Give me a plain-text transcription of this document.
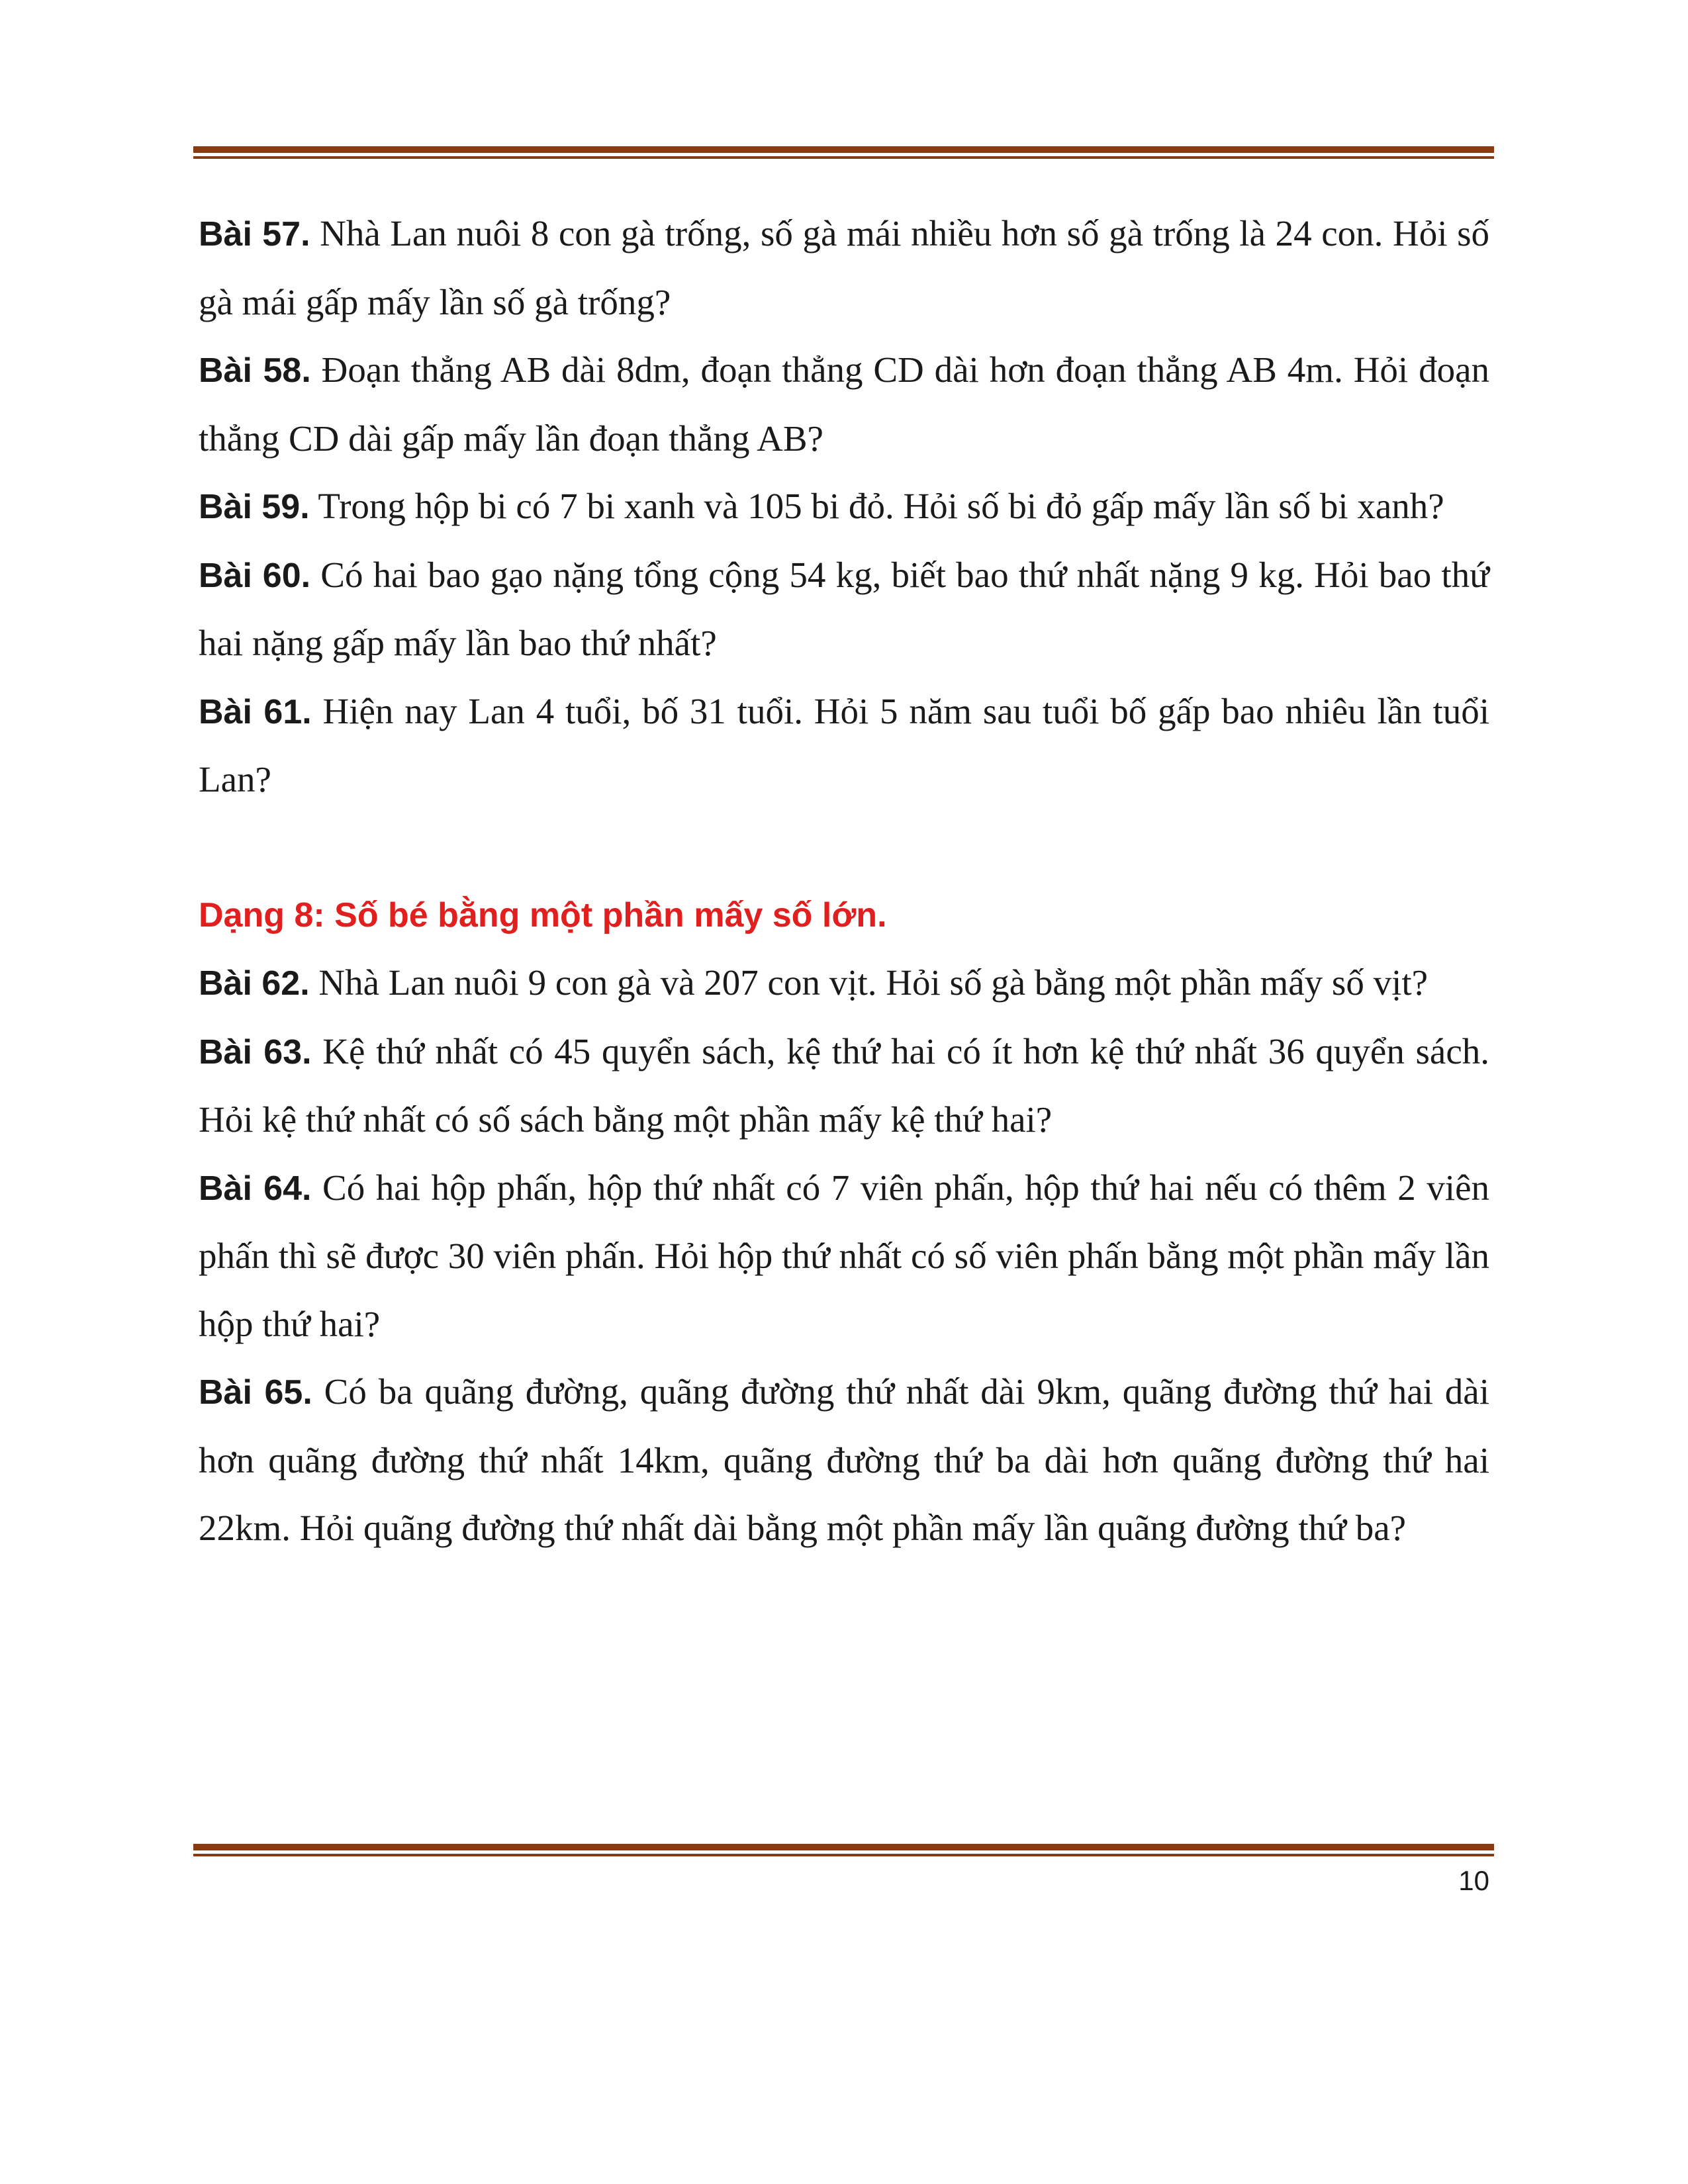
Bài 57. Nhà Lan nuôi 8 con gà trống, số gà mái nhiều hơn số gà trống là 24 con. Hỏi số gà mái gấp mấy lần số gà trống?

Bài 58. Đoạn thẳng AB dài 8dm, đoạn thẳng CD dài hơn đoạn thẳng AB 4m. Hỏi đoạn thẳng CD dài gấp mấy lần đoạn thẳng AB?

Bài 59. Trong hộp bi có 7 bi xanh và 105 bi đỏ. Hỏi số bi đỏ gấp mấy lần số bi xanh?

Bài 60. Có hai bao gạo nặng tổng cộng 54 kg, biết bao thứ nhất nặng 9 kg. Hỏi bao thứ hai nặng gấp mấy lần bao thứ nhất?

Bài 61. Hiện nay Lan 4 tuổi, bố 31 tuổi. Hỏi 5 năm sau tuổi bố gấp bao nhiêu lần tuổi Lan?

Dạng 8: Số bé bằng một phần mấy số lớn.

Bài 62. Nhà Lan nuôi 9 con gà và 207 con vịt. Hỏi số gà bằng một phần mấy số vịt?

Bài 63. Kệ thứ nhất có 45 quyển sách, kệ thứ hai có ít hơn kệ thứ nhất 36 quyển sách. Hỏi kệ thứ nhất có số sách bằng một phần mấy kệ thứ hai?

Bài 64. Có hai hộp phấn, hộp thứ nhất có 7 viên phấn, hộp thứ hai nếu có thêm 2 viên phấn thì sẽ được 30 viên phấn. Hỏi hộp thứ nhất có số viên phấn bằng một phần mấy lần hộp thứ hai?

Bài 65. Có ba quãng đường, quãng đường thứ nhất dài 9km, quãng đường thứ hai dài hơn quãng đường thứ nhất 14km, quãng đường thứ ba dài hơn quãng đường thứ hai 22km. Hỏi quãng đường thứ nhất dài bằng một phần mấy lần quãng đường thứ ba?

10
